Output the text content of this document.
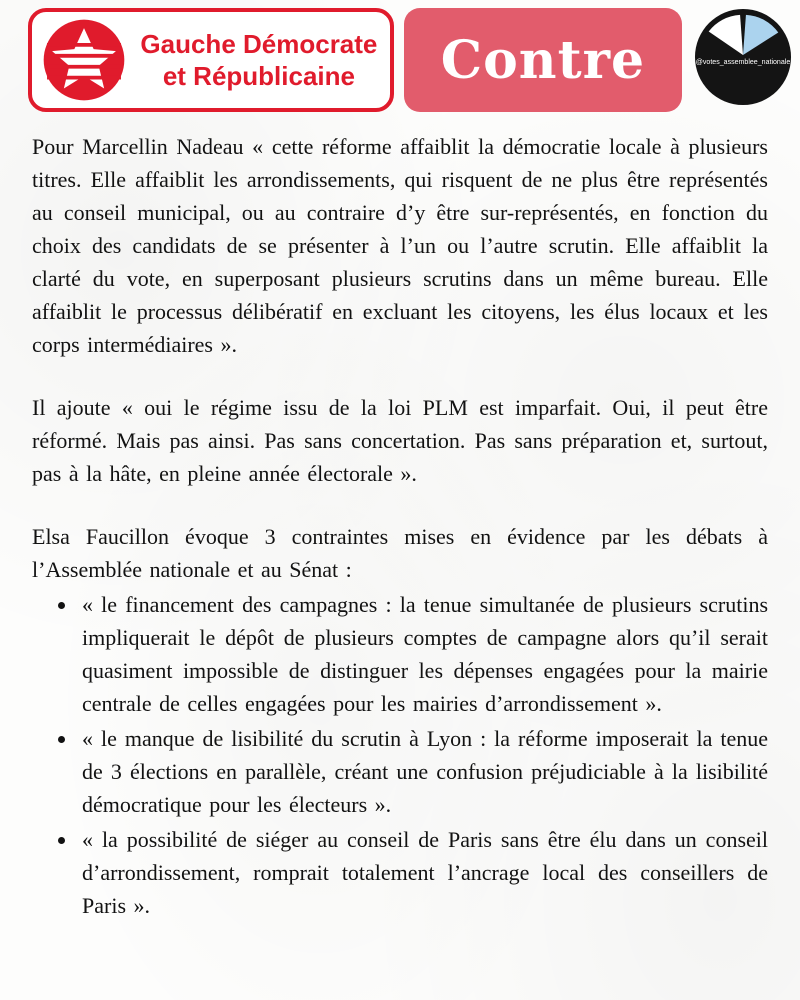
Gauche Démocrate
et Républicaine	Contre	@votes_assemblee_nationale

Pour Marcellin Nadeau « cette réforme affaiblit la démocratie locale à plusieurs titres. Elle affaiblit les arrondissements, qui risquent de ne plus être représentés au conseil municipal, ou au contraire d’y être sur-représentés, en fonction du choix des candidats de se présenter à l’un ou l’autre scrutin. Elle affaiblit la clarté du vote, en superposant plusieurs scrutins dans un même bureau. Elle affaiblit le processus délibératif en excluant les citoyens, les élus locaux et les corps intermédiaires ».

Il ajoute « oui le régime issu de la loi PLM est imparfait. Oui, il peut être réformé. Mais pas ainsi. Pas sans concertation. Pas sans préparation et, surtout, pas à la hâte, en pleine année électorale ».

Elsa Faucillon évoque 3 contraintes mises en évidence par les débats à l’Assemblée nationale et au Sénat :

• « le financement des campagnes : la tenue simultanée de plusieurs scrutins impliquerait le dépôt de plusieurs comptes de campagne alors qu’il serait quasiment impossible de distinguer les dépenses engagées pour la mairie centrale de celles engagées pour les mairies d’arrondissement ».
• « le manque de lisibilité du scrutin à Lyon : la réforme imposerait la tenue de 3 élections en parallèle, créant une confusion préjudiciable à la lisibilité démocratique pour les électeurs ».
• « la possibilité de siéger au conseil de Paris sans être élu dans un conseil d’arrondissement, romprait totalement l’ancrage local des conseillers de Paris ».
